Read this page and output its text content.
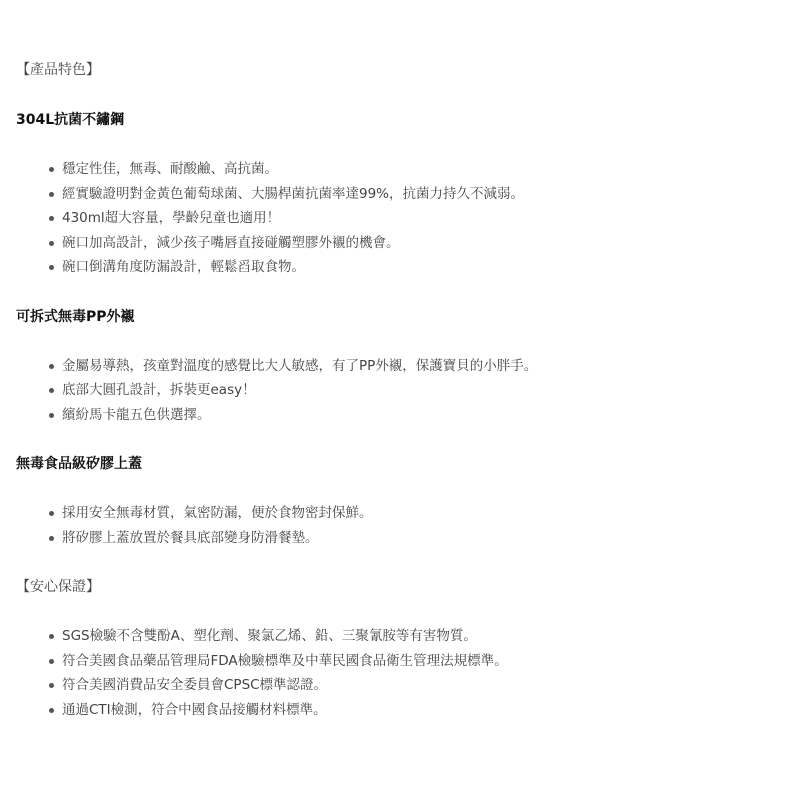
【產品特色】

304L抗菌不鏽鋼

穩定性佳，無毒、耐酸鹼、高抗菌。
經實驗證明對金黃色葡萄球菌、大腸桿菌抗菌率達99%，抗菌力持久不減弱。
430ml超大容量，學齡兒童也適用！
碗口加高設計，減少孩子嘴唇直接碰觸塑膠外襯的機會。
碗口倒溝角度防漏設計，輕鬆舀取食物。

可拆式無毒PP外襯

金屬易導熱，孩童對溫度的感覺比大人敏感，有了PP外襯，保護寶貝的小胖手。
底部大圓孔設計，拆裝更easy！
繽紛馬卡龍五色供選擇。

無毒食品級矽膠上蓋

採用安全無毒材質，氣密防漏，便於食物密封保鮮。
將矽膠上蓋放置於餐具底部變身防滑餐墊。

【安心保證】

SGS檢驗不含雙酚A、塑化劑、聚氯乙烯、鉛、三聚氰胺等有害物質。
符合美國食品藥品管理局FDA檢驗標準及中華民國食品衛生管理法規標準。
符合美國消費品安全委員會CPSC標準認證。
通過CTI檢測，符合中國食品接觸材料標準。
